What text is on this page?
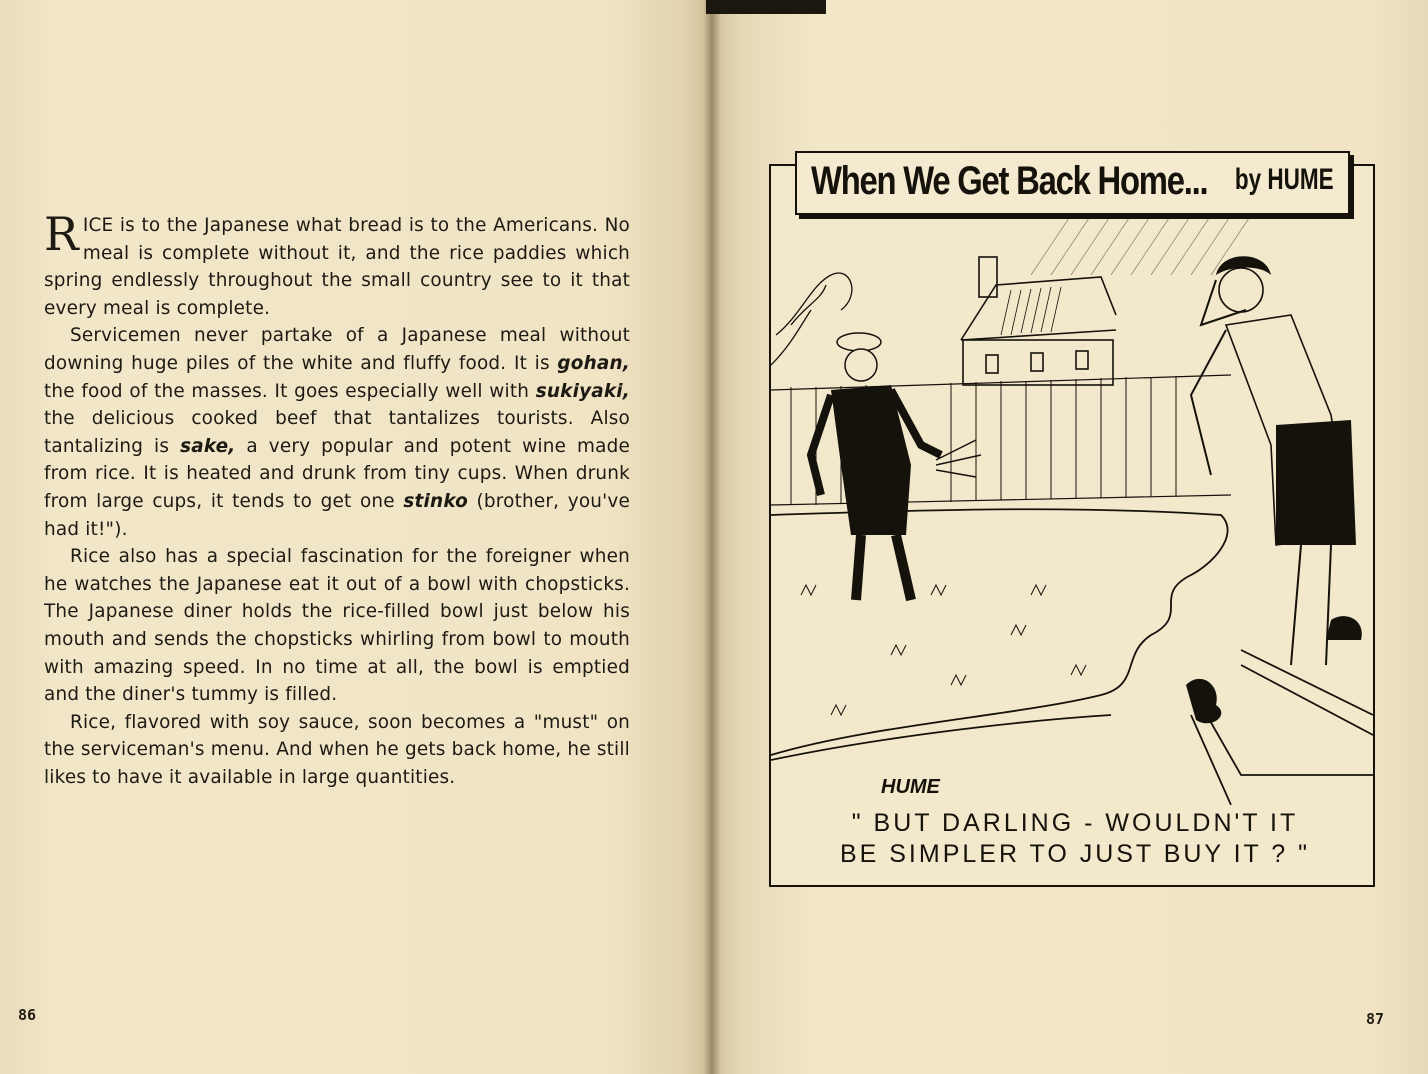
RICE is to the Japanese what bread is to the Americans. No meal is complete without it, and the rice paddies which spring endlessly throughout the small country see to it that every meal is complete.

Servicemen never partake of a Japanese meal without downing huge piles of the white and fluffy food. It is gohan, the food of the masses. It goes especially well with sukiyaki, the delicious cooked beef that tantalizes tourists. Also tantalizing is sake, a very popular and potent wine made from rice. It is heated and drunk from tiny cups. When drunk from large cups, it tends to get one stinko (brother, you've had it!").

Rice also has a special fascination for the foreigner when he watches the Japanese eat it out of a bowl with chopsticks. The Japanese diner holds the rice-filled bowl just below his mouth and sends the chopsticks whirling from bowl to mouth with amazing speed. In no time at all, the bowl is emptied and the diner's tummy is filled.

Rice, flavored with soy sauce, soon becomes a "must" on the serviceman's menu. And when he gets back home, he still likes to have it available in large quantities.

86
HUME
When We Get Back Home... by HUME
" BUT DARLING - WOULDN'T IT
BE SIMPLER TO JUST BUY IT ? "
87
